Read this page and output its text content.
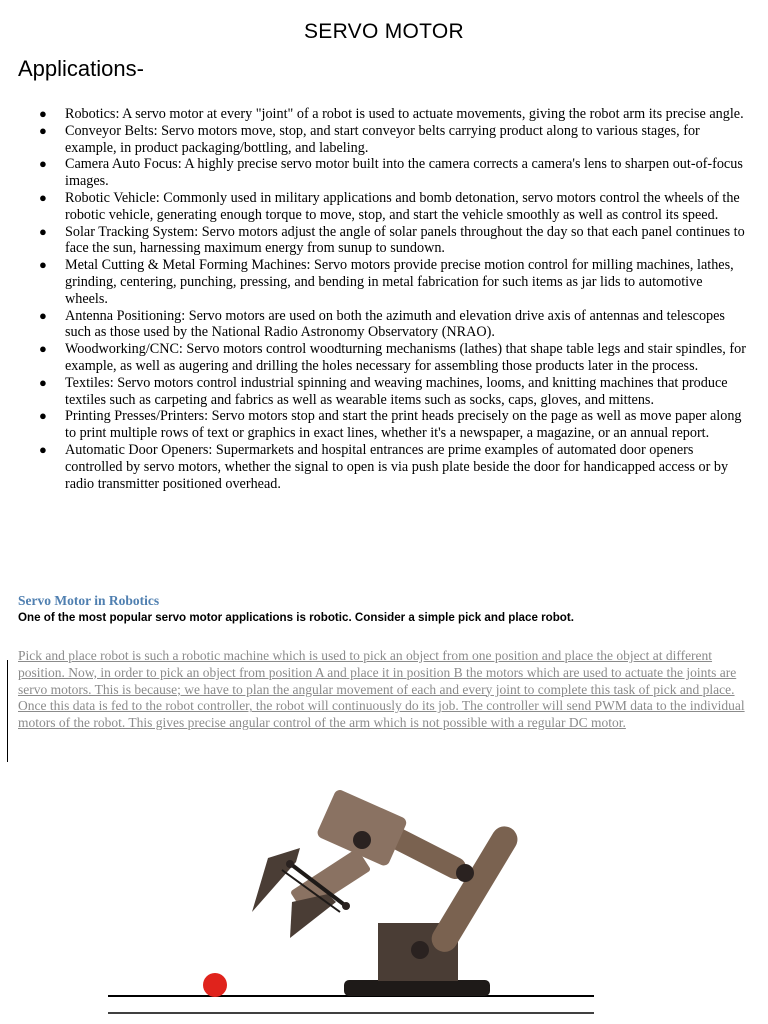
SERVO MOTOR
Applications-
● Robotics: A servo motor at every "joint" of a robot is used to actuate movements, giving the robot arm its precise angle.
● Conveyor Belts: Servo motors move, stop, and start conveyor belts carrying product along to various stages, for example, in product packaging/bottling, and labeling.
● Camera Auto Focus: A highly precise servo motor built into the camera corrects a camera's lens to sharpen out-of-focus images.
● Robotic Vehicle: Commonly used in military applications and bomb detonation, servo motors control the wheels of the robotic vehicle, generating enough torque to move, stop, and start the vehicle smoothly as well as control its speed.
● Solar Tracking System: Servo motors adjust the angle of solar panels throughout the day so that each panel continues to face the sun, harnessing maximum energy from sunup to sundown.
● Metal Cutting & Metal Forming Machines: Servo motors provide precise motion control for milling machines, lathes, grinding, centering, punching, pressing, and bending in metal fabrication for such items as jar lids to automotive wheels.
● Antenna Positioning: Servo motors are used on both the azimuth and elevation drive axis of antennas and telescopes such as those used by the National Radio Astronomy Observatory (NRAO).
● Woodworking/CNC: Servo motors control woodturning mechanisms (lathes) that shape table legs and stair spindles, for example, as well as augering and drilling the holes necessary for assembling those products later in the process.
● Textiles: Servo motors control industrial spinning and weaving machines, looms, and knitting machines that produce textiles such as carpeting and fabrics as well as wearable items such as socks, caps, gloves, and mittens.
● Printing Presses/Printers: Servo motors stop and start the print heads precisely on the page as well as move paper along to print multiple rows of text or graphics in exact lines, whether it's a newspaper, a magazine, or an annual report.
● Automatic Door Openers: Supermarkets and hospital entrances are prime examples of automated door openers controlled by servo motors, whether the signal to open is via push plate beside the door for handicapped access or by radio transmitter positioned overhead.
Servo Motor in Robotics
One of the most popular servo motor applications is robotic. Consider a simple pick and place robot.
Pick and place robot is such a robotic machine which is used to pick an object from one position and place the object at different position. Now, in order to pick an object from position A and place it in position B the motors which are used to actuate the joints are servo motors. This is because; we have to plan the angular movement of each and every joint to complete this task of pick and place. Once this data is fed to the robot controller, the robot will continuously do its job. The controller will send PWM data to the individual motors of the robot. This gives precise angular control of the arm which is not possible with a regular DC motor.
